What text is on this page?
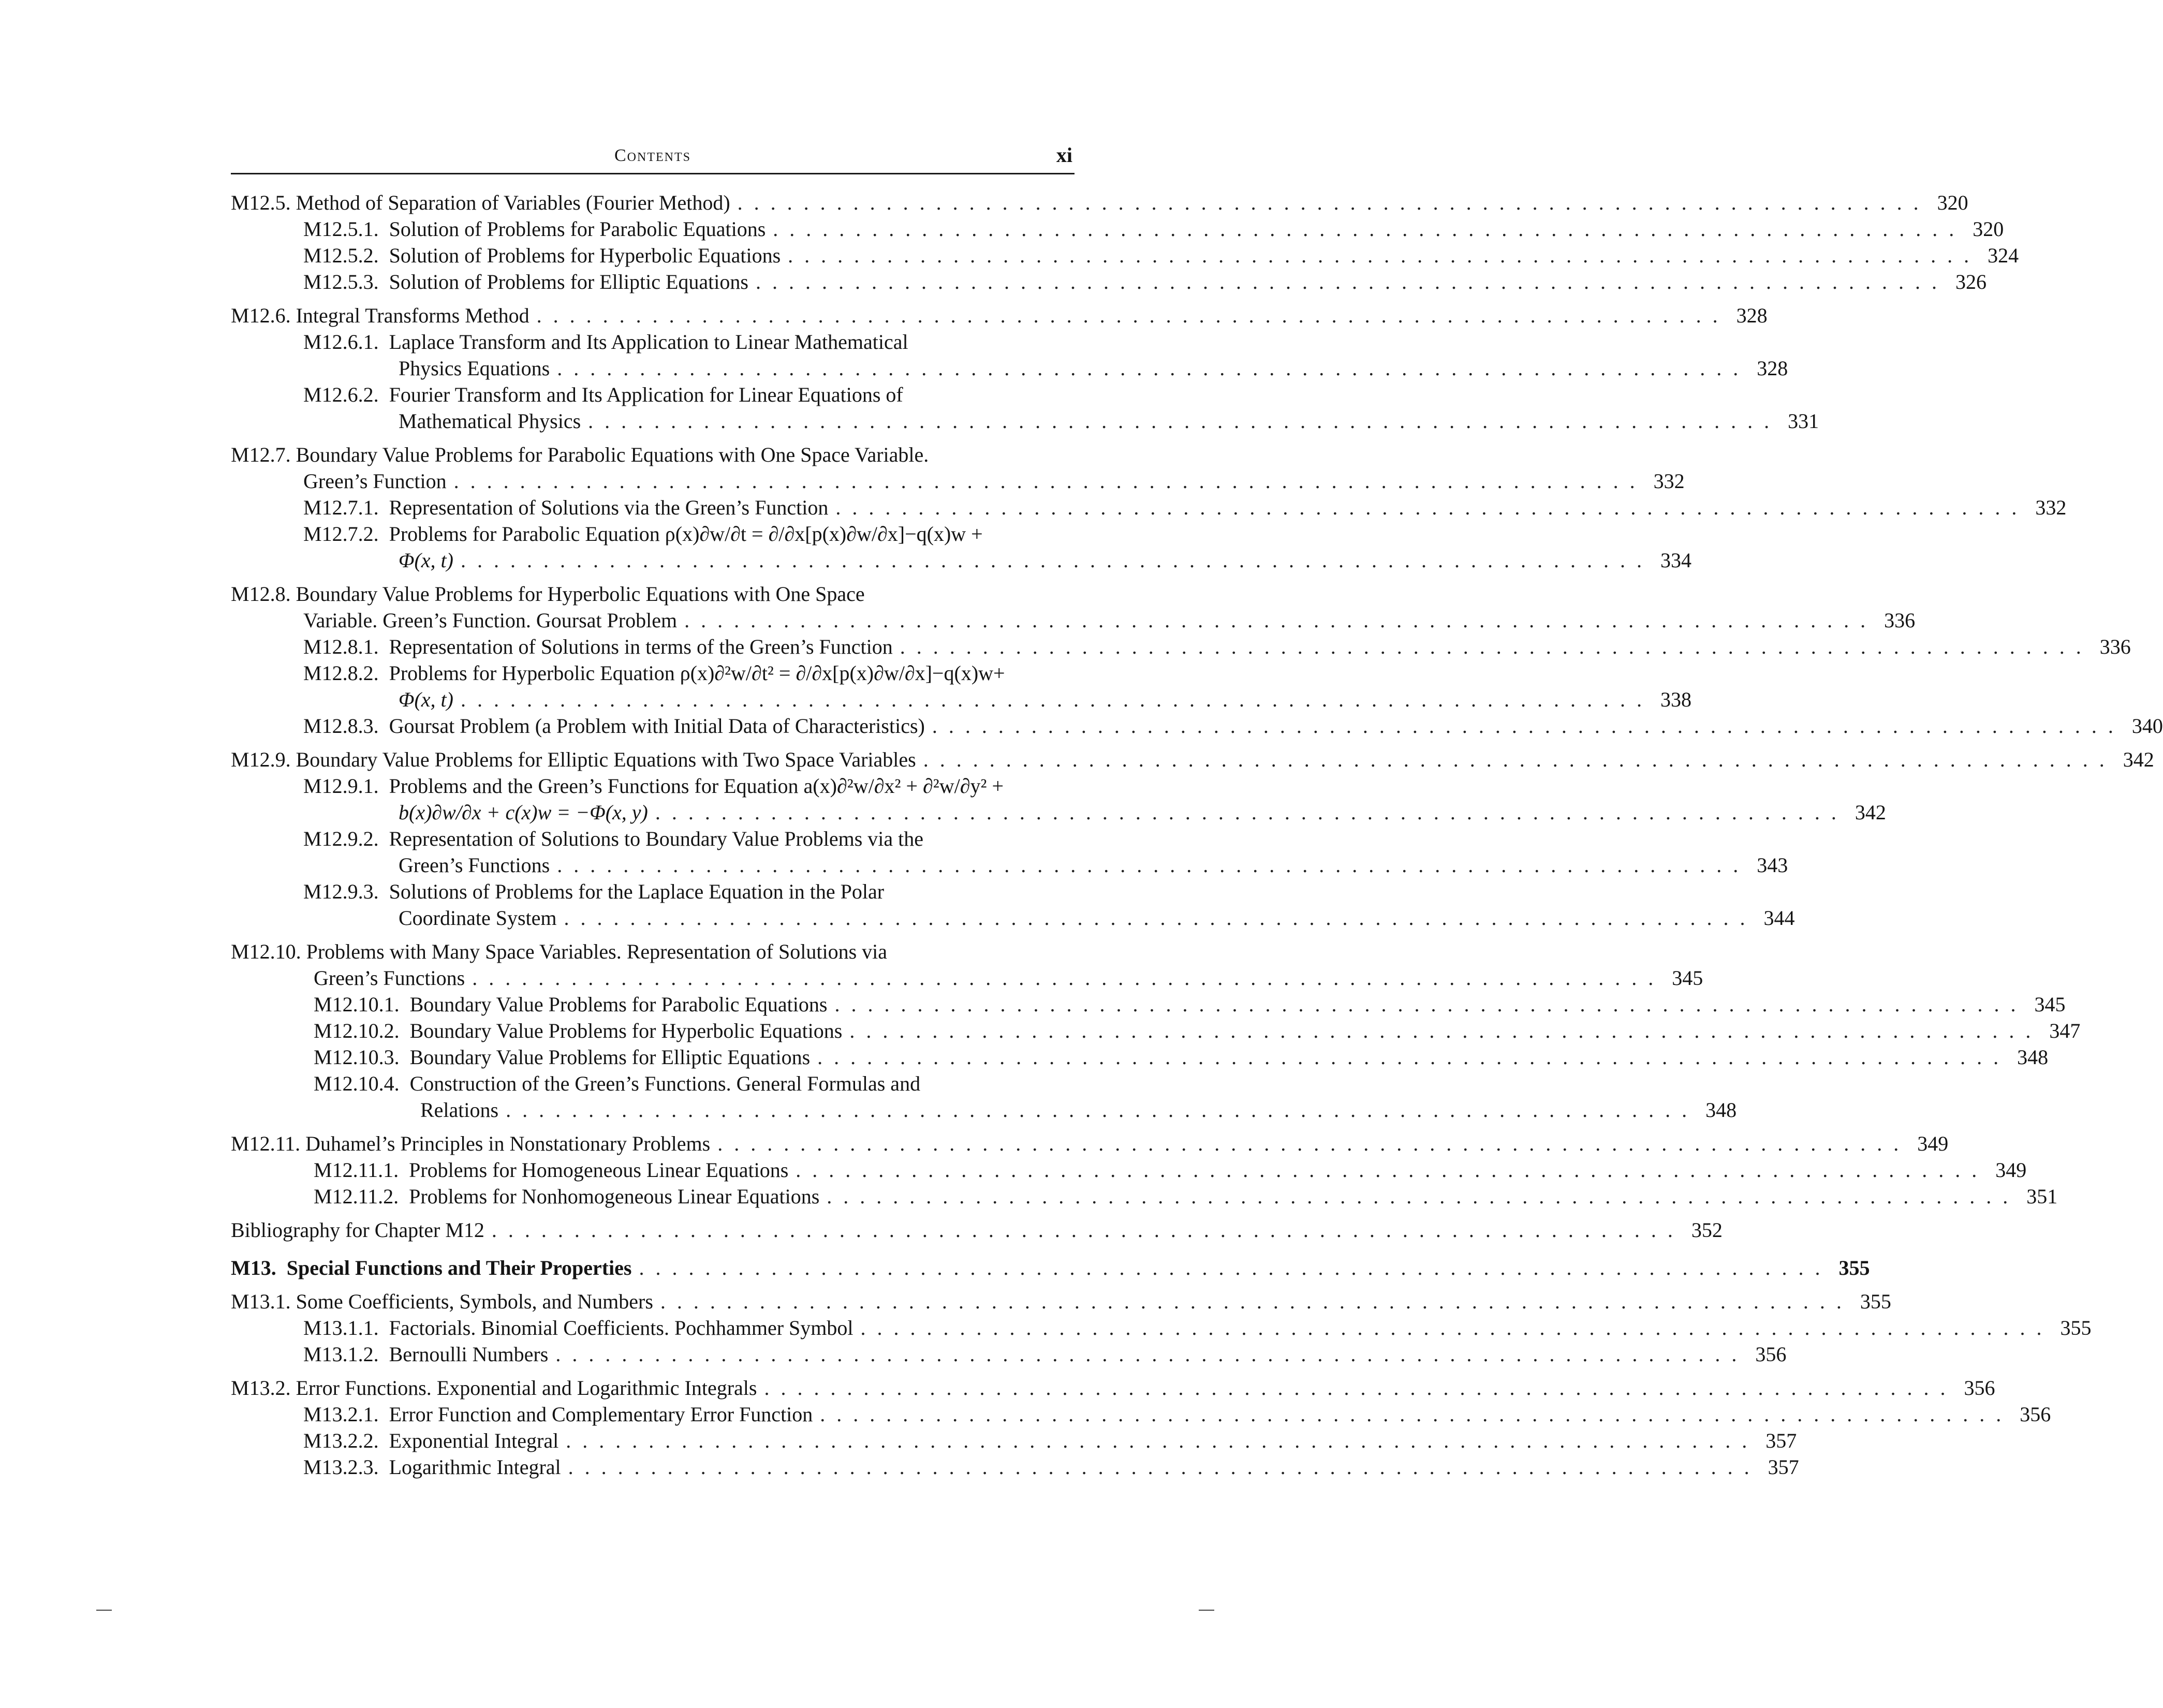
Contents	xi
M12.5.
Method of Separation of Variables (Fourier Method) . . . . . . . . . . . . . . . . . . . . . . . . . . . . . . . . . . . . . . . . . . . . . . . . . . . . . . . . . . . . . . . . . . . . . . . . 320
M12.5.1.
Solution of Problems for Parabolic Equations . . . . . . . . . . . . . . . . . . . . . . . . . . . . . . . . . . . . . . . . . . . . . . . . . . . . . . . . . . . . . . . . . . . . . . . . 320
M12.5.2.
Solution of Problems for Hyperbolic Equations . . . . . . . . . . . . . . . . . . . . . . . . . . . . . . . . . . . . . . . . . . . . . . . . . . . . . . . . . . . . . . . . . . . . . . . . 324
M12.5.3.
Solution of Problems for Elliptic Equations . . . . . . . . . . . . . . . . . . . . . . . . . . . . . . . . . . . . . . . . . . . . . . . . . . . . . . . . . . . . . . . . . . . . . . . . 326
M12.6.
Integral Transforms Method . . . . . . . . . . . . . . . . . . . . . . . . . . . . . . . . . . . . . . . . . . . . . . . . . . . . . . . . . . . . . . . . . . . . . . . . 328
M12.6.1.
Laplace Transform and Its Application to Linear Mathematical
Physics Equations . . . . . . . . . . . . . . . . . . . . . . . . . . . . . . . . . . . . . . . . . . . . . . . . . . . . . . . . . . . . . . . . . . . . . . . . 328
M12.6.2.
Fourier Transform and Its Application for Linear Equations of
Mathematical Physics . . . . . . . . . . . . . . . . . . . . . . . . . . . . . . . . . . . . . . . . . . . . . . . . . . . . . . . . . . . . . . . . . . . . . . . . 331
M12.7.
Boundary Value Problems for Parabolic Equations with One Space Variable.
Green’s Function . . . . . . . . . . . . . . . . . . . . . . . . . . . . . . . . . . . . . . . . . . . . . . . . . . . . . . . . . . . . . . . . . . . . . . . . 332
M12.7.1.
Representation of Solutions via the Green’s Function . . . . . . . . . . . . . . . . . . . . . . . . . . . . . . . . . . . . . . . . . . . . . . . . . . . . . . . . . . . . . . . . . . . . . . . . 332
M12.7.2.
Problems for Parabolic Equation ρ(x)∂w/∂t = ∂/∂x[p(x)∂w/∂x]−q(x)w +
Φ(x, t) . . . . . . . . . . . . . . . . . . . . . . . . . . . . . . . . . . . . . . . . . . . . . . . . . . . . . . . . . . . . . . . . . . . . . . . . 334
M12.8.
Boundary Value Problems for Hyperbolic Equations with One Space
Variable. Green’s Function. Goursat Problem . . . . . . . . . . . . . . . . . . . . . . . . . . . . . . . . . . . . . . . . . . . . . . . . . . . . . . . . . . . . . . . . . . . . . . . . 336
M12.8.1.
Representation of Solutions in terms of the Green’s Function . . . . . . . . . . . . . . . . . . . . . . . . . . . . . . . . . . . . . . . . . . . . . . . . . . . . . . . . . . . . . . . . . . . . . . . . 336
M12.8.2.
Problems for Hyperbolic Equation ρ(x)∂²w/∂t² = ∂/∂x[p(x)∂w/∂x]−q(x)w+
Φ(x, t) . . . . . . . . . . . . . . . . . . . . . . . . . . . . . . . . . . . . . . . . . . . . . . . . . . . . . . . . . . . . . . . . . . . . . . . . 338
M12.8.3.
Goursat Problem (a Problem with Initial Data of Characteristics) . . . . . . . . . . . . . . . . . . . . . . . . . . . . . . . . . . . . . . . . . . . . . . . . . . . . . . . . . . . . . . . . . . . . . . . . 340
M12.9.
Boundary Value Problems for Elliptic Equations with Two Space Variables . . . . . . . . . . . . . . . . . . . . . . . . . . . . . . . . . . . . . . . . . . . . . . . . . . . . . . . . . . . . . . . . . . . . . . . . 342
M12.9.1.
Problems and the Green’s Functions for Equation a(x)∂²w/∂x² + ∂²w/∂y² +
b(x)∂w/∂x + c(x)w = −Φ(x, y) . . . . . . . . . . . . . . . . . . . . . . . . . . . . . . . . . . . . . . . . . . . . . . . . . . . . . . . . . . . . . . . . . . . . . . . . 342
M12.9.2.
Representation of Solutions to Boundary Value Problems via the
Green’s Functions . . . . . . . . . . . . . . . . . . . . . . . . . . . . . . . . . . . . . . . . . . . . . . . . . . . . . . . . . . . . . . . . . . . . . . . . 343
M12.9.3.
Solutions of Problems for the Laplace Equation in the Polar
Coordinate System . . . . . . . . . . . . . . . . . . . . . . . . . . . . . . . . . . . . . . . . . . . . . . . . . . . . . . . . . . . . . . . . . . . . . . . . 344
M12.10.
Problems with Many Space Variables. Representation of Solutions via
Green’s Functions . . . . . . . . . . . . . . . . . . . . . . . . . . . . . . . . . . . . . . . . . . . . . . . . . . . . . . . . . . . . . . . . . . . . . . . . 345
M12.10.1.
Boundary Value Problems for Parabolic Equations . . . . . . . . . . . . . . . . . . . . . . . . . . . . . . . . . . . . . . . . . . . . . . . . . . . . . . . . . . . . . . . . . . . . . . . . 345
M12.10.2.
Boundary Value Problems for Hyperbolic Equations . . . . . . . . . . . . . . . . . . . . . . . . . . . . . . . . . . . . . . . . . . . . . . . . . . . . . . . . . . . . . . . . . . . . . . . . 347
M12.10.3.
Boundary Value Problems for Elliptic Equations . . . . . . . . . . . . . . . . . . . . . . . . . . . . . . . . . . . . . . . . . . . . . . . . . . . . . . . . . . . . . . . . . . . . . . . . 348
M12.10.4.
Construction of the Green’s Functions. General Formulas and
Relations . . . . . . . . . . . . . . . . . . . . . . . . . . . . . . . . . . . . . . . . . . . . . . . . . . . . . . . . . . . . . . . . . . . . . . . . 348
M12.11.
Duhamel’s Principles in Nonstationary Problems . . . . . . . . . . . . . . . . . . . . . . . . . . . . . . . . . . . . . . . . . . . . . . . . . . . . . . . . . . . . . . . . . . . . . . . . 349
M12.11.1.
Problems for Homogeneous Linear Equations . . . . . . . . . . . . . . . . . . . . . . . . . . . . . . . . . . . . . . . . . . . . . . . . . . . . . . . . . . . . . . . . . . . . . . . . 349
M12.11.2.
Problems for Nonhomogeneous Linear Equations . . . . . . . . . . . . . . . . . . . . . . . . . . . . . . . . . . . . . . . . . . . . . . . . . . . . . . . . . . . . . . . . . . . . . . . . 351
Bibliography for Chapter M12 . . . . . . . . . . . . . . . . . . . . . . . . . . . . . . . . . . . . . . . . . . . . . . . . . . . . . . . . . . . . . . . . . . . . . . . . 352
M13.
Special Functions and Their Properties . . . . . . . . . . . . . . . . . . . . . . . . . . . . . . . . . . . . . . . . . . . . . . . . . . . . . . . . . . . . . . . . . . . . . . . . 355
M13.1.
Some Coefficients, Symbols, and Numbers . . . . . . . . . . . . . . . . . . . . . . . . . . . . . . . . . . . . . . . . . . . . . . . . . . . . . . . . . . . . . . . . . . . . . . . . 355
M13.1.1.
Factorials. Binomial Coefficients. Pochhammer Symbol . . . . . . . . . . . . . . . . . . . . . . . . . . . . . . . . . . . . . . . . . . . . . . . . . . . . . . . . . . . . . . . . . . . . . . . . 355
M13.1.2.
Bernoulli Numbers . . . . . . . . . . . . . . . . . . . . . . . . . . . . . . . . . . . . . . . . . . . . . . . . . . . . . . . . . . . . . . . . . . . . . . . . 356
M13.2.
Error Functions. Exponential and Logarithmic Integrals . . . . . . . . . . . . . . . . . . . . . . . . . . . . . . . . . . . . . . . . . . . . . . . . . . . . . . . . . . . . . . . . . . . . . . . . 356
M13.2.1.
Error Function and Complementary Error Function . . . . . . . . . . . . . . . . . . . . . . . . . . . . . . . . . . . . . . . . . . . . . . . . . . . . . . . . . . . . . . . . . . . . . . . . 356
M13.2.2.
Exponential Integral . . . . . . . . . . . . . . . . . . . . . . . . . . . . . . . . . . . . . . . . . . . . . . . . . . . . . . . . . . . . . . . . . . . . . . . . 357
M13.2.3.
Logarithmic Integral . . . . . . . . . . . . . . . . . . . . . . . . . . . . . . . . . . . . . . . . . . . . . . . . . . . . . . . . . . . . . . . . . . . . . . . . 357
